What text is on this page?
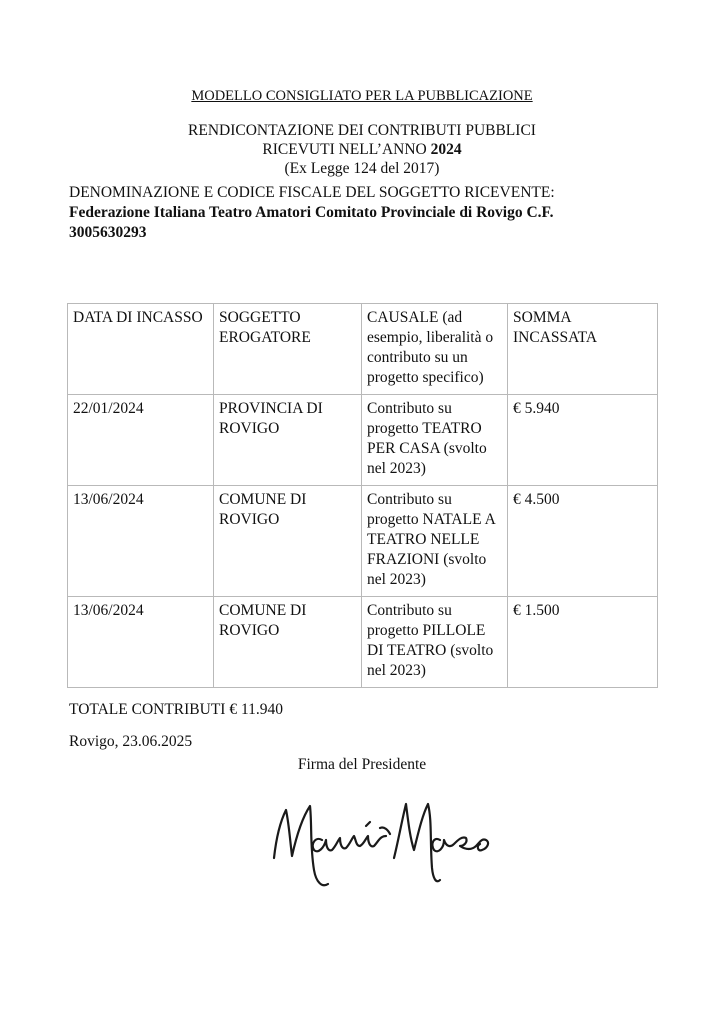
MODELLO CONSIGLIATO PER LA PUBBLICAZIONE
RENDICONTAZIONE DEI CONTRIBUTI PUBBLICI
RICEVUTI NELL’ANNO 2024
(Ex Legge 124 del 2017)
DENOMINAZIONE E CODICE FISCALE DEL SOGGETTO RICEVENTE:
Federazione Italiana Teatro Amatori Comitato Provinciale di Rovigo C.F. 3005630293
DATA DI INCASSO	SOGGETTO EROGATORE	CAUSALE (ad esempio, liberalità o contributo su un progetto specifico)	SOMMA INCASSATA
22/01/2024	PROVINCIA DI ROVIGO	Contributo su progetto TEATRO PER CASA (svolto nel 2023)	€ 5.940
13/06/2024	COMUNE DI ROVIGO	Contributo su progetto NATALE A TEATRO NELLE FRAZIONI (svolto nel 2023)	€ 4.500
13/06/2024	COMUNE DI ROVIGO	Contributo su progetto PILLOLE DI TEATRO (svolto nel 2023)	€ 1.500
TOTALE CONTRIBUTI € 11.940
Rovigo, 23.06.2025
Firma del Presidente
